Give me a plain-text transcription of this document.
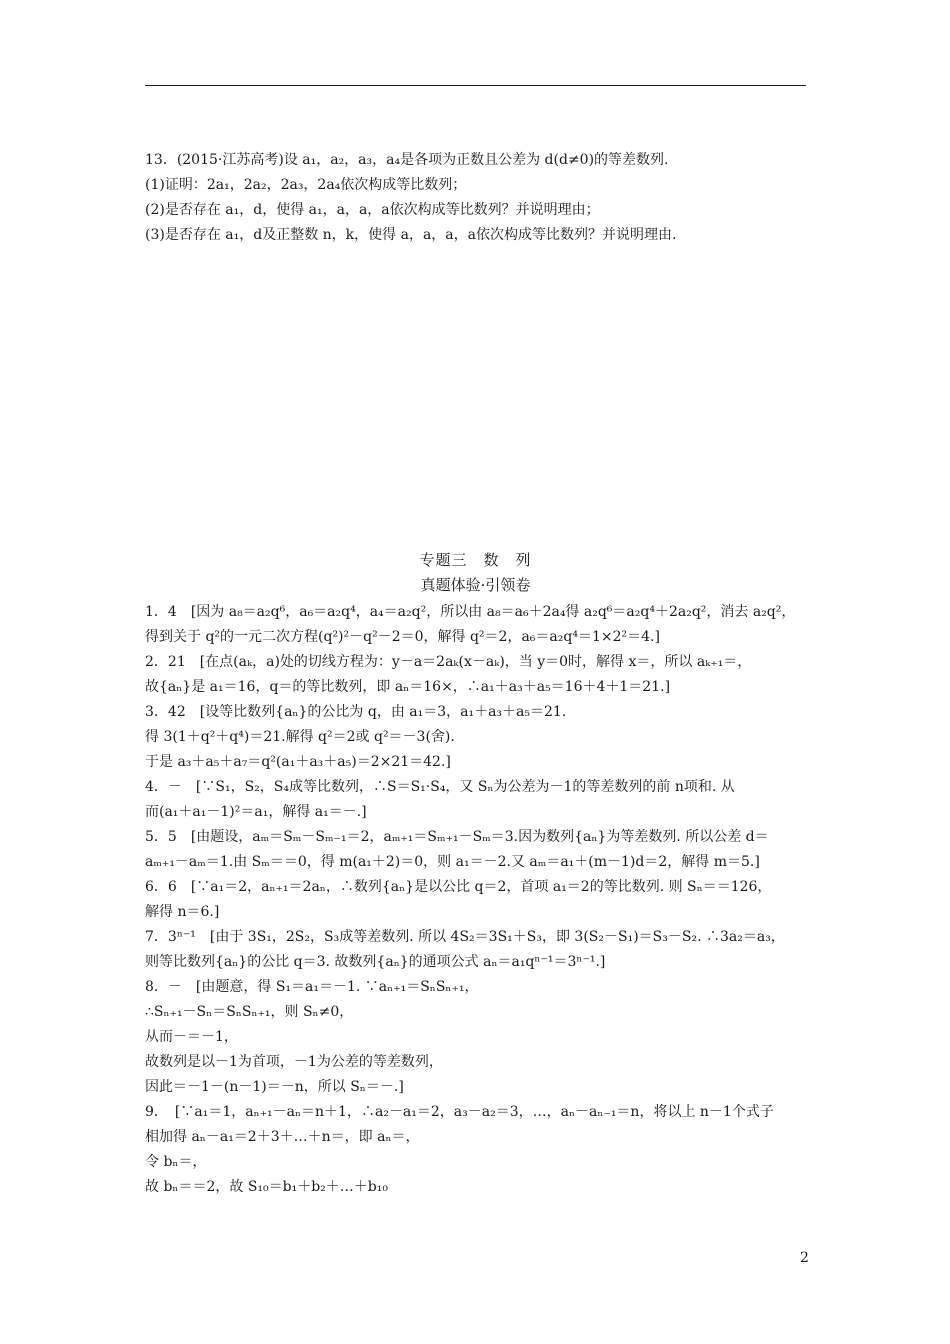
13．(2015·江苏高考)设 a₁，a₂，a₃，a₄是各项为正数且公差为 d(d≠0)的等差数列.
(1)证明：2a₁，2a₂，2a₃，2a₄依次构成等比数列；
(2)是否存在 a₁，d，使得 a₁，a，a，a依次构成等比数列？并说明理由；
(3)是否存在 a₁，d及正整数 n，k，使得 a，a，a，a依次构成等比数列？并说明理由.
专题三　数　列
真题体验·引领卷
1．4　[因为 a₈＝a₂q⁶，a₆＝a₂q⁴，a₄＝a₂q²，所以由 a₈＝a₆＋2a₄得 a₂q⁶＝a₂q⁴＋2a₂q²，消去 a₂q²，
得到关于 q²的一元二次方程(q²)²－q²－2＝0，解得 q²＝2，a₆＝a₂q⁴＝1×2²＝4.]
2．21　[在点(aₖ，a)处的切线方程为：y－a＝2aₖ(x－aₖ)，当 y＝0时，解得 x＝，所以 aₖ₊₁＝，
故{aₙ}是 a₁＝16，q＝的等比数列，即 aₙ＝16×，∴a₁＋a₃＋a₅＝16＋4＋1＝21.]
3．42　[设等比数列{aₙ}的公比为 q，由 a₁＝3，a₁＋a₃＋a₅＝21.
得 3(1＋q²＋q⁴)＝21.解得 q²＝2或 q²＝－3(舍).
于是 a₃＋a₅＋a₇＝q²(a₁＋a₃＋a₅)＝2×21＝42.]
4．－　[∵S₁，S₂，S₄成等比数列，∴S＝S₁·S₄，又 Sₙ为公差为－1的等差数列的前 n项和. 从
而(a₁＋a₁－1)²＝a₁，解得 a₁＝－.]
5．5　[由题设，aₘ＝Sₘ－Sₘ₋₁＝2，aₘ₊₁＝Sₘ₊₁－Sₘ＝3.因为数列{aₙ}为等差数列. 所以公差 d＝
aₘ₊₁－aₘ＝1.由 Sₘ＝＝0，得 m(a₁＋2)＝0，则 a₁＝－2.又 aₘ＝a₁＋(m－1)d＝2，解得 m＝5.]
6．6　[∵a₁＝2，aₙ₊₁＝2aₙ，∴数列{aₙ}是以公比 q＝2，首项 a₁＝2的等比数列. 则 Sₙ＝＝126，
解得 n＝6.]
7．3ⁿ⁻¹　[由于 3S₁，2S₂，S₃成等差数列. 所以 4S₂＝3S₁＋S₃，即 3(S₂－S₁)＝S₃－S₂. ∴3a₂＝a₃，
则等比数列{aₙ}的公比 q＝3. 故数列{aₙ}的通项公式 aₙ＝a₁qⁿ⁻¹＝3ⁿ⁻¹.]
8．－　[由题意，得 S₁＝a₁＝－1. ∵aₙ₊₁＝SₙSₙ₊₁，
∴Sₙ₊₁－Sₙ＝SₙSₙ₊₁，则 Sₙ≠0，
从而－＝－1，
故数列是以－1为首项，－1为公差的等差数列，
因此＝－1－(n－1)＝－n，所以 Sₙ＝－.]
9．　[∵a₁＝1，aₙ₊₁－aₙ＝n＋1，∴a₂－a₁＝2，a₃－a₂＝3，…，aₙ－aₙ₋₁＝n，将以上 n－1个式子
相加得 aₙ－a₁＝2＋3＋…＋n＝，即 aₙ＝，
令 bₙ＝，
故 bₙ＝＝2，故 S₁₀＝b₁＋b₂＋…＋b₁₀
2
